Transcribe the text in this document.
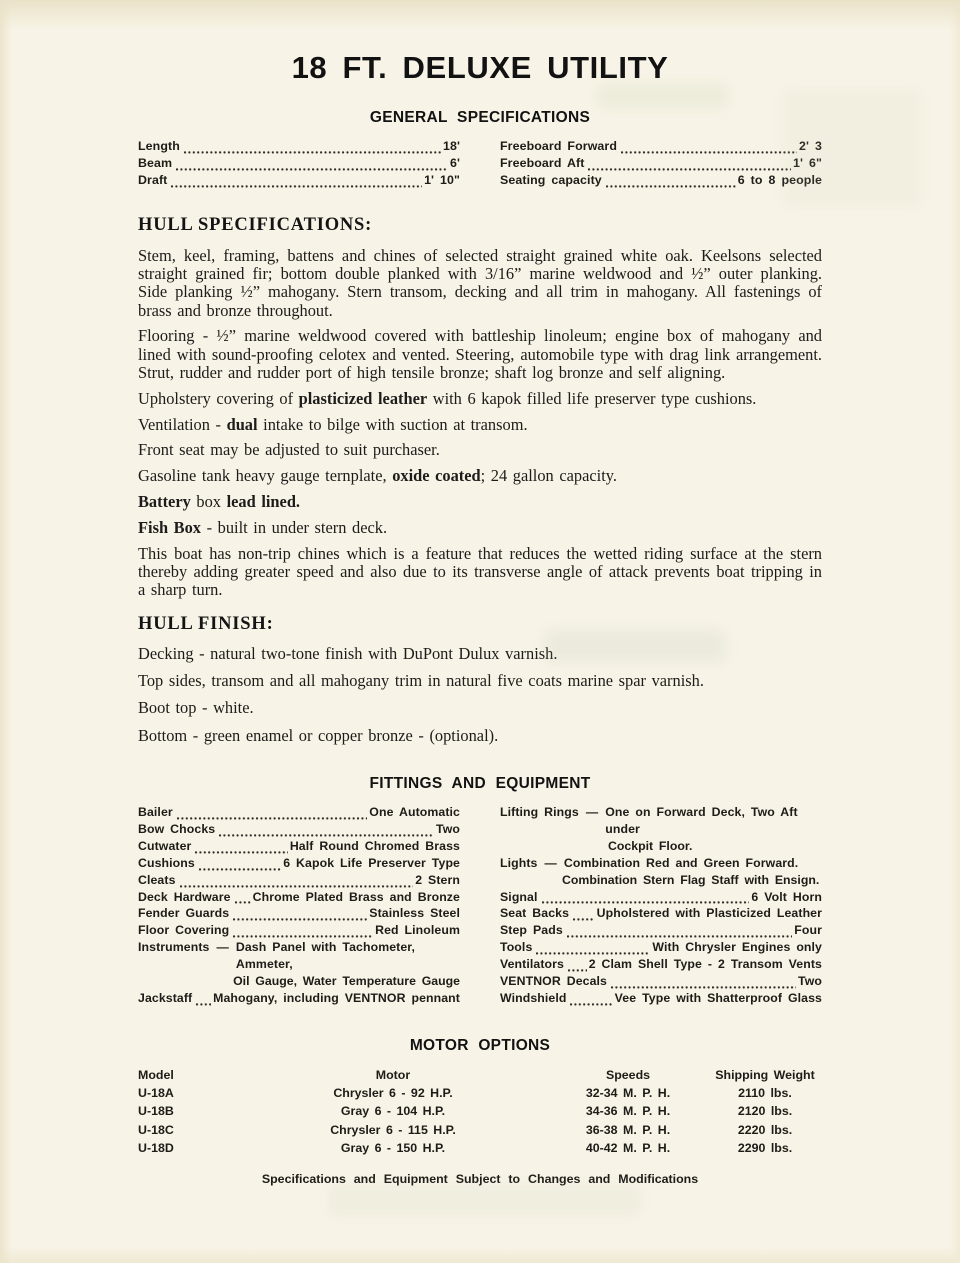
18 FT. DELUXE UTILITY
GENERAL SPECIFICATIONS
Length	18'
Beam	6'
Draft	1' 10"
Freeboard Forward	2' 3
Freeboard Aft	1' 6"
Seating capacity	6 to 8 people
HULL SPECIFICATIONS:

Stem, keel, framing, battens and chines of selected straight grained white oak. Keelsons selected straight grained fir; bottom double planked with 3/16” marine weldwood and ½” outer planking. Side planking ½” mahogany. Stern transom, decking and all trim in mahogany. All fastenings of brass and bronze throughout.

Flooring - ½” marine weldwood covered with battleship linoleum; engine box of mahogany and lined with sound-proofing celotex and vented. Steering, automobile type with drag link arrangement. Strut, rudder and rudder port of high tensile bronze; shaft log bronze and self aligning.

Upholstery covering of plasticized leather with 6 kapok filled life preserver type cushions.

Ventilation - dual intake to bilge with suction at transom.

Front seat may be adjusted to suit purchaser.

Gasoline tank heavy gauge ternplate, oxide coated; 24 gallon capacity.

Battery box lead lined.

Fish Box - built in under stern deck.

This boat has non-trip chines which is a feature that reduces the wetted riding surface at the stern thereby adding greater speed and also due to its transverse angle of attack prevents boat tripping in a sharp turn.

HULL FINISH:

Decking - natural two-tone finish with DuPont Dulux varnish.

Top sides, transom and all mahogany trim in natural five coats marine spar varnish.

Boot top - white.

Bottom - green enamel or copper bronze - (optional).

FITTINGS AND EQUIPMENT
Bailer	One Automatic
Bow Chocks	Two
Cutwater	Half Round Chromed Brass
Cushions	6 Kapok Life Preserver Type
Cleats	2 Stern
Deck Hardware Chrome Plated Brass and Bronze
Fender Guards	Stainless Steel
Floor Covering	Red Linoleum
Instruments — Dash Panel with Tachometer, Ammeter,
Oil Gauge, Water Temperature Gauge
Jackstaff Mahogany, including VENTNOR pennant
Lifting Rings — One on Forward Deck, Two Aft under
Cockpit Floor.
Lights — Combination Red and Green Forward.
Combination Stern Flag Staff with Ensign.
Signal	6 Volt Horn
Seat Backs Upholstered with Plasticized Leather
Step Pads	Four
Tools	With Chrysler Engines only
Ventilators 2 Clam Shell Type - 2 Transom Vents
VENTNOR Decals	Two
Windshield	Vee Type with Shatterproof Glass
MOTOR OPTIONS
Model	Motor	Speeds	Shipping Weight
U-18A	Chrysler 6 - 92 H.P.	32-34 M. P. H.	2110 lbs.
U-18B	Gray 6 - 104 H.P.	34-36 M. P. H.	2120 lbs.
U-18C	Chrysler 6 - 115 H.P.	36-38 M. P. H.	2220 lbs.
U-18D	Gray 6 - 150 H.P.	40-42 M. P. H.	2290 lbs.
Specifications and Equipment Subject to Changes and Modifications
